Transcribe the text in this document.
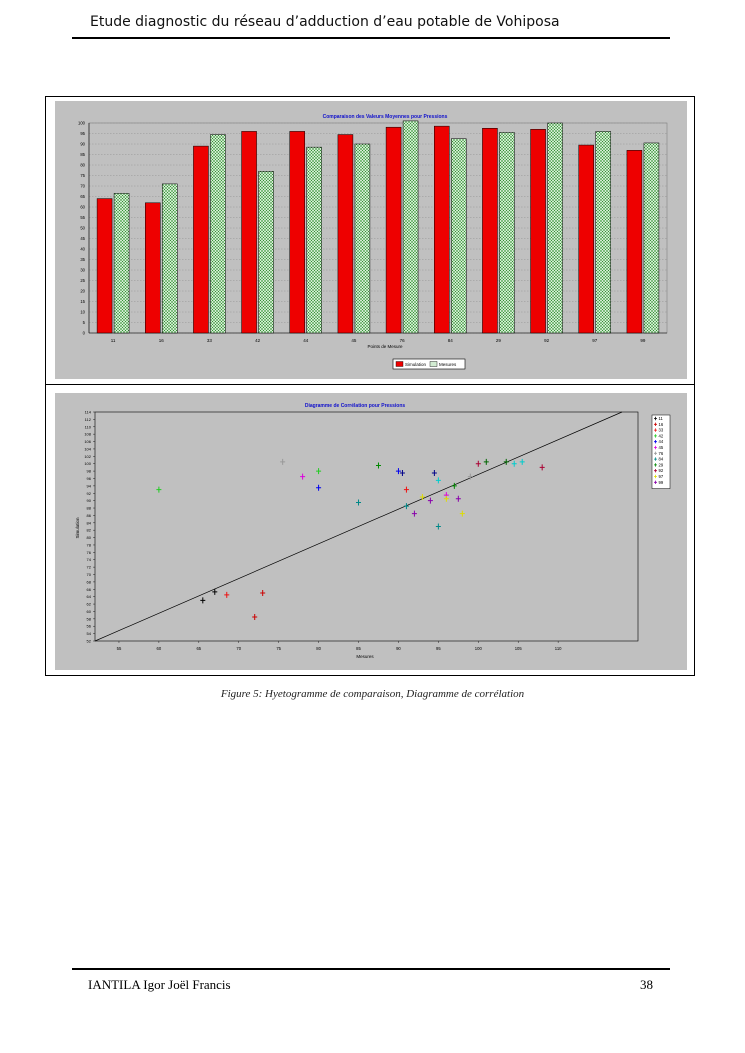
Etude diagnostic du réseau d’adduction d’eau potable de Vohiposa
Comparaison des Valeurs Moyennes pour Pressions
0
5
10
15
20
25
30
35
40
45
50
55
60
65
70
75
80
85
90
95
100
11	16	33	42	44	45	76	84	29	92	97	99
Points de Mesure
Simulation	Mesures
Diagramme de Corrélation pour Pressions
52
54
56
58
60
62
64
66
68
70
72
74
76
78
80
82
84
86
88
90
92
94
96
98
100
102
104
106
108
110
112
114
55	60	65	70	75	80	85	90	95	100	105	110
Mesures
Simulation
11
16
33
42
44
45
76
84
29
92
97
99
Figure 5: Hyetogramme de comparaison, Diagramme de corrélation
IANTILA Igor Joël Francis	38
